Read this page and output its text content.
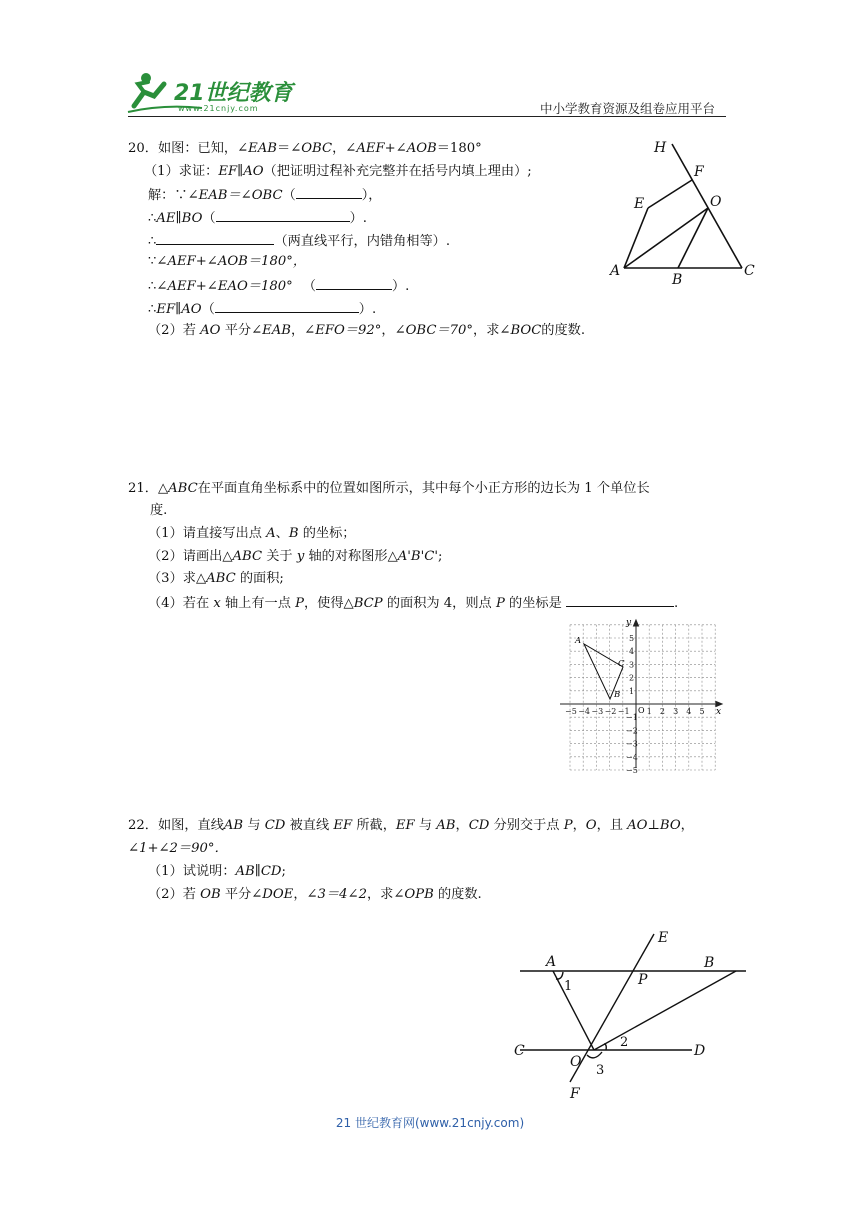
21世纪教育
www.21cnjy.com	中小学教育资源及组卷应用平台
20．如图：已知，∠EAB＝∠OBC，∠AEF+∠AOB＝180°
（1）求证：EF∥AO（把证明过程补充完整并在括号内填上理由）;
解：∵∠EAB＝∠OBC（	），
∴AE∥BO（	）.
∴	（两直线平行，内错角相等）.
∵∠AEF+∠AOB＝180°，
∴∠AEF+∠EAO＝180° （	）.
∴EF∥AO（	）.
（2）若 AO 平分∠EAB，∠EFO＝92°，∠OBC＝70°，求∠BOC的度数.
H
F
E	O
A
B
C
21．△ABC在平面直角坐标系中的位置如图所示，其中每个小正方形的边长为 1 个单位长
度.
（1）请直接写出点 A、B 的坐标；
（2）请画出△ABC 关于 y 轴的对称图形△A'B'C';
（3）求△ABC 的面积;
（4）若在 x 轴上有一点 P，使得△BCP 的面积为 4，则点 P 的坐标是	.
−5 −4 −3 −2 −1 1 2 3 4 5
5
4
3
2
1
−1
−2
−3
−4
−5
x
y
O
A
B
C
22．如图，直线AB 与 CD 被直线 EF 所截，EF 与 AB，CD 分别交于点 P，O，且 AO⊥BO，
∠1+∠2＝90°．
（1）试说明：AB∥CD;
（2）若 OB 平分∠DOE，∠3＝4∠2，求∠OPB 的度数.
A	B
C	D
E
F
P
O
1
2
3
21 世纪教育网(www.21cnjy.com)
